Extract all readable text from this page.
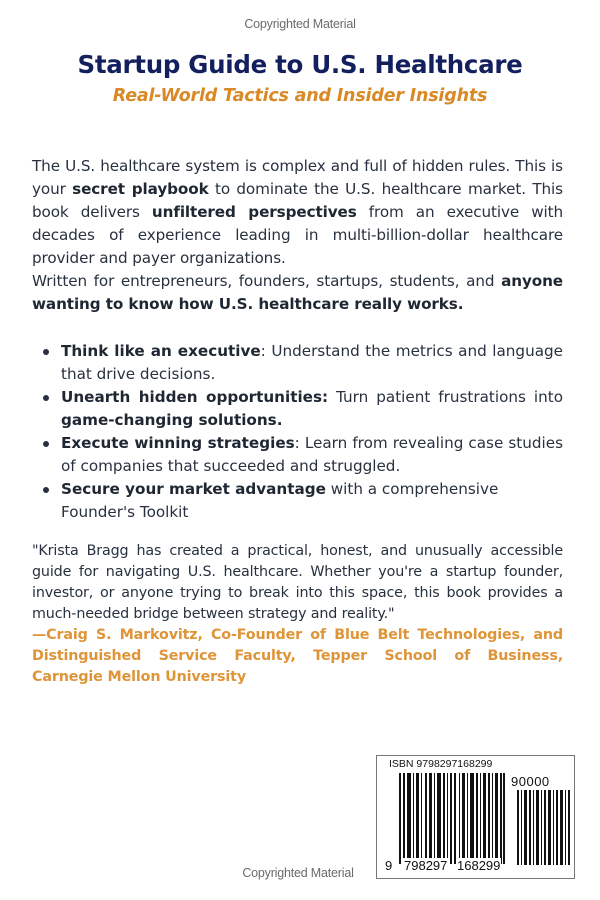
Copyrighted Material
Startup Guide to U.S. Healthcare
Real-World Tactics and Insider Insights

The U.S. healthcare system is complex and full of hidden rules. This is your secret playbook to dominate the U.S. healthcare market. This book delivers unfiltered perspectives from an executive with decades of experience leading in multi-billion-dollar healthcare provider and payer organizations.

Written for entrepreneurs, founders, startups, students, and anyone wanting to know how U.S. healthcare really works.

Think like an executive: Understand the metrics and language that drive decisions.
Unearth hidden opportunities: Turn patient frustrations into game-changing solutions.
Execute winning strategies: Learn from revealing case studies of companies that succeeded and struggled.
Secure your market advantage with a comprehensive Founder's Toolkit

"Krista Bragg has created a practical, honest, and unusually accessible guide for navigating U.S. healthcare. Whether you're a startup founder, investor, or anyone trying to break into this space, this book provides a much-needed bridge between strategy and reality."

—Craig S. Markovitz, Co-Founder of Blue Belt Technologies, and Distinguished Service Faculty, Tepper School of Business, Carnegie Mellon University

ISBN 9798297168299
90000
9 798297 168299
Copyrighted Material
